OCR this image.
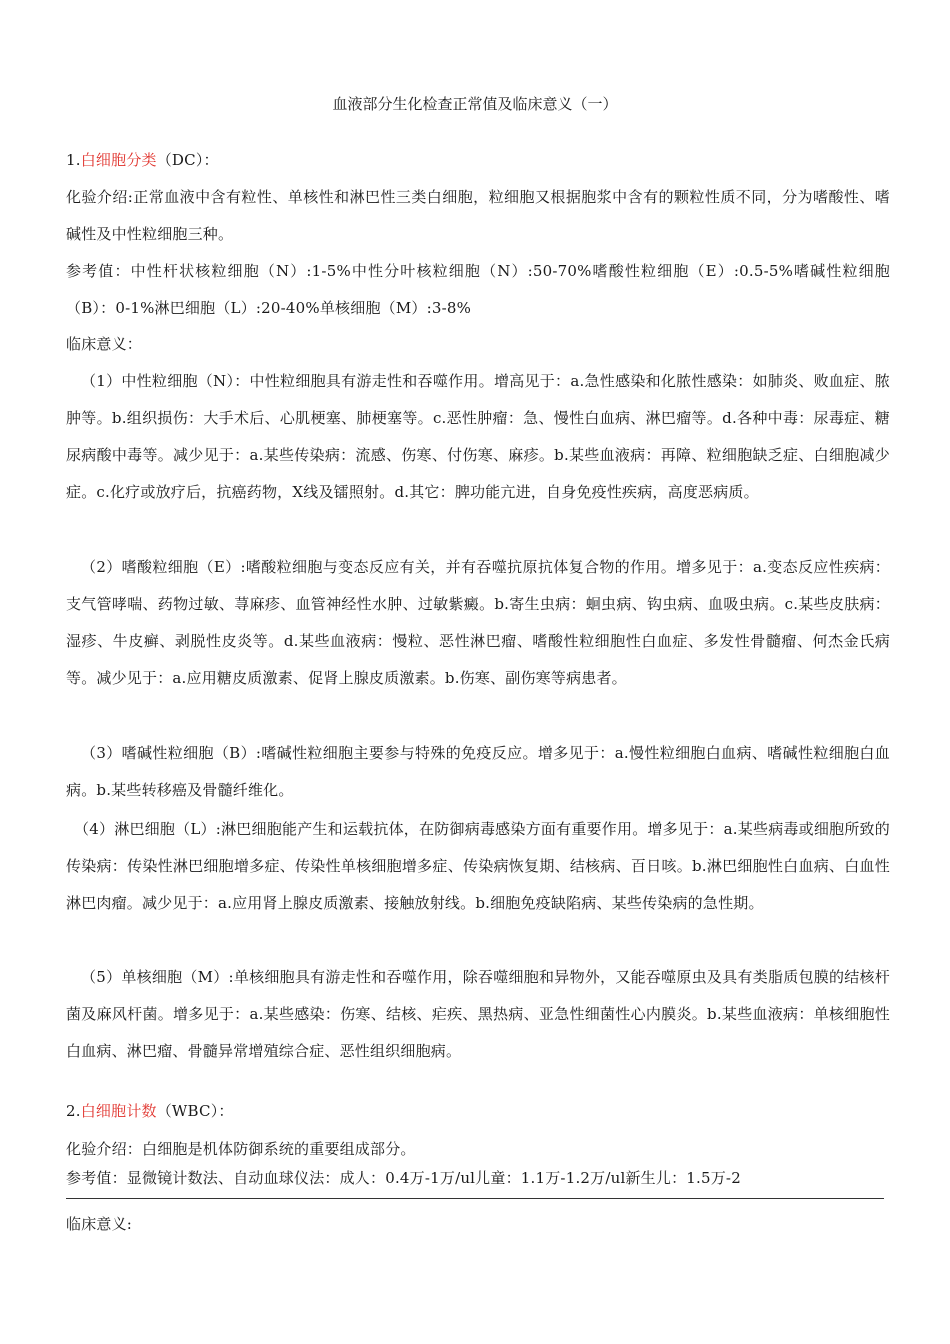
血液部分生化检查正常值及临床意义（一）
1.白细胞分类（DC）：
化验介绍:正常血液中含有粒性、单核性和淋巴性三类白细胞，粒细胞又根据胞浆中含有的颗粒性质不同，分为嗜酸性、嗜碱性及中性粒细胞三种。
参考值：中性杆状核粒细胞（N）:1-5%中性分叶核粒细胞（N）:50-70%嗜酸性粒细胞（E）:0.5-5%嗜碱性粒细胞（B）：0-1%淋巴细胞（L）:20-40%单核细胞（M）:3-8%
临床意义：
（1）中性粒细胞（N）：中性粒细胞具有游走性和吞噬作用。增高见于：a.急性感染和化脓性感染：如肺炎、败血症、脓肿等。b.组织损伤：大手术后、心肌梗塞、肺梗塞等。c.恶性肿瘤：急、慢性白血病、淋巴瘤等。d.各种中毒：尿毒症、糖尿病酸中毒等。减少见于：a.某些传染病：流感、伤寒、付伤寒、麻疹。b.某些血液病：再障、粒细胞缺乏症、白细胞减少症。c.化疗或放疗后，抗癌药物，X线及镭照射。d.其它：脾功能亢进，自身免疫性疾病，高度恶病质。
（2）嗜酸粒细胞（E）:嗜酸粒细胞与变态反应有关，并有吞噬抗原抗体复合物的作用。增多见于：a.变态反应性疾病：支气管哮喘、药物过敏、荨麻疹、血管神经性水肿、过敏紫癜。b.寄生虫病：蛔虫病、钩虫病、血吸虫病。c.某些皮肤病：湿疹、牛皮癣、剥脱性皮炎等。d.某些血液病：慢粒、恶性淋巴瘤、嗜酸性粒细胞性白血症、多发性骨髓瘤、何杰金氏病等。减少见于：a.应用糖皮质激素、促肾上腺皮质激素。b.伤寒、副伤寒等病患者。
（3）嗜碱性粒细胞（B）:嗜碱性粒细胞主要参与特殊的免疫反应。增多见于：a.慢性粒细胞白血病、嗜碱性粒细胞白血病。b.某些转移癌及骨髓纤维化。
（4）淋巴细胞（L）:淋巴细胞能产生和运载抗体，在防御病毒感染方面有重要作用。增多见于：a.某些病毒或细胞所致的传染病：传染性淋巴细胞增多症、传染性单核细胞增多症、传染病恢复期、结核病、百日咳。b.淋巴细胞性白血病、白血性淋巴肉瘤。减少见于：a.应用肾上腺皮质激素、接触放射线。b.细胞免疫缺陷病、某些传染病的急性期。
（5）单核细胞（M）:单核细胞具有游走性和吞噬作用，除吞噬细胞和异物外，又能吞噬原虫及具有类脂质包膜的结核杆菌及麻风杆菌。增多见于：a.某些感染：伤寒、结核、疟疾、黑热病、亚急性细菌性心内膜炎。b.某些血液病：单核细胞性白血病、淋巴瘤、骨髓异常增殖综合症、恶性组织细胞病。
2.白细胞计数（WBC）：
化验介绍：白细胞是机体防御系统的重要组成部分。
参考值：显微镜计数法、自动血球仪法：成人：0.4万-1万/ul儿童：1.1万-1.2万/ul新生儿：1.5万-2
临床意义:
